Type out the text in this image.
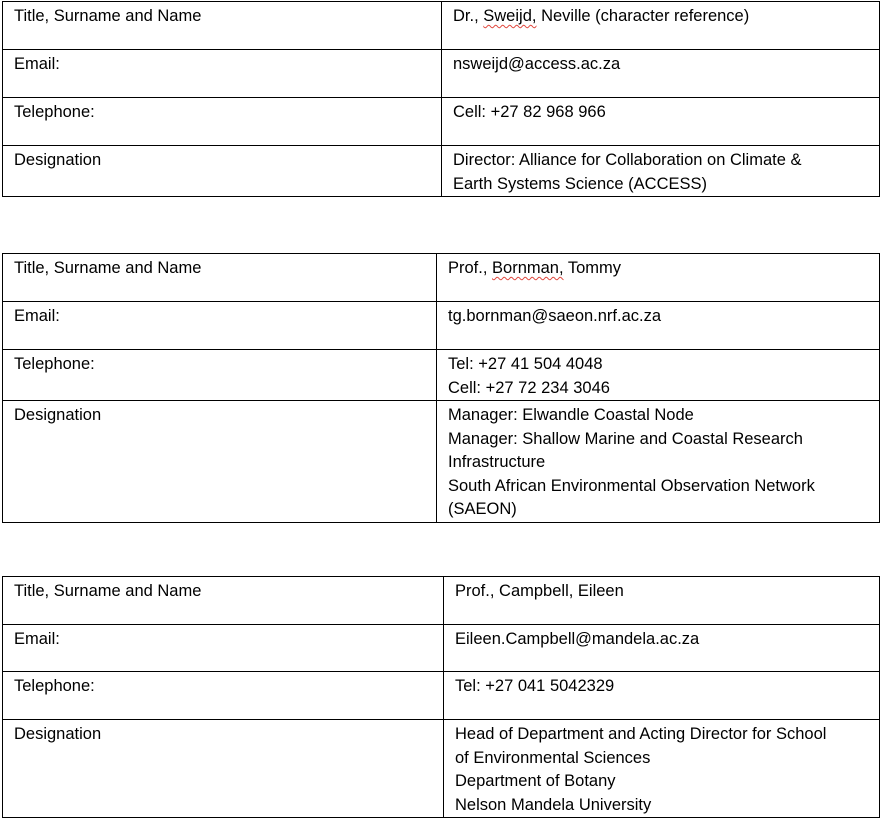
Title, Surname and Name	Dr., Sweijd, Neville (character reference)

Email:	nsweijd@access.ac.za

Telephone:	Cell: +27 82 968 966

Designation	Director: Alliance for Collaboration on Climate &
Earth Systems Science (ACCESS)
Title, Surname and Name	Prof., Bornman, Tommy

Email:	tg.bornman@saeon.nrf.ac.za

Telephone:	Tel: +27 41 504 4048
Cell: +27 72 234 3046

Designation	Manager: Elwandle Coastal Node
Manager: Shallow Marine and Coastal Research
Infrastructure
South African Environmental Observation Network
(SAEON)
Title, Surname and Name	Prof., Campbell, Eileen

Email:	Eileen.Campbell@mandela.ac.za

Telephone:	Tel: +27 041 5042329

Designation	Head of Department and Acting Director for School
of Environmental Sciences
Department of Botany
Nelson Mandela University
